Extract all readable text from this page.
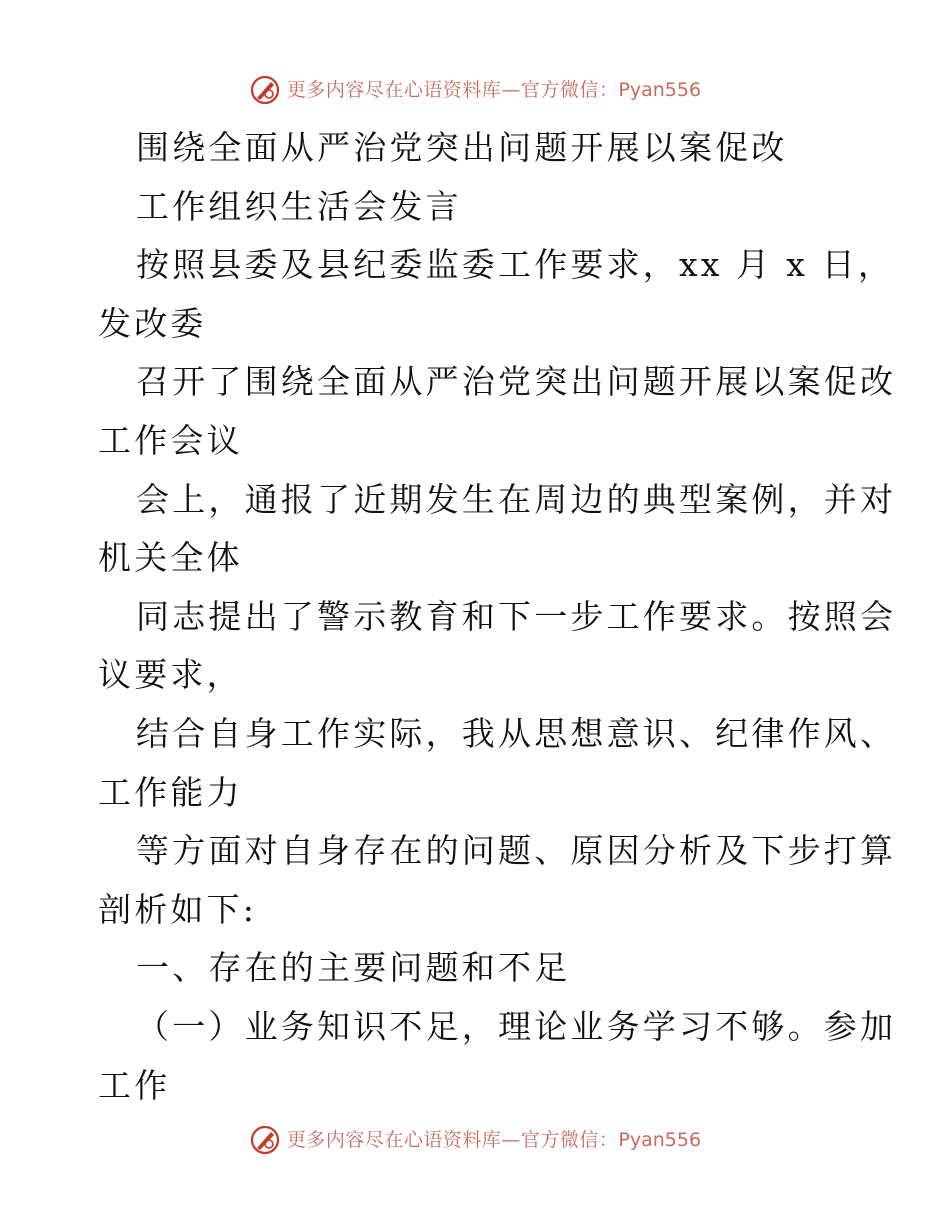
更多内容尽在心语资料库—官方微信： Pyan556
围绕全面从严治党突出问题开展以案促改
工作组织生活会发言
按照县委及县纪委监委工作要求，xx 月 x 日，
发改委
召开了围绕全面从严治党突出问题开展以案促改
工作会议
会上，通报了近期发生在周边的典型案例，并对
机关全体
同志提出了警示教育和下一步工作要求。按照会
议要求，
结合自身工作实际，我从思想意识、纪律作风、
工作能力
等方面对自身存在的问题、原因分析及下步打算
剖析如下:
一、存在的主要问题和不足
（一）业务知识不足，理论业务学习不够。参加
工作
更多内容尽在心语资料库—官方微信： Pyan556
